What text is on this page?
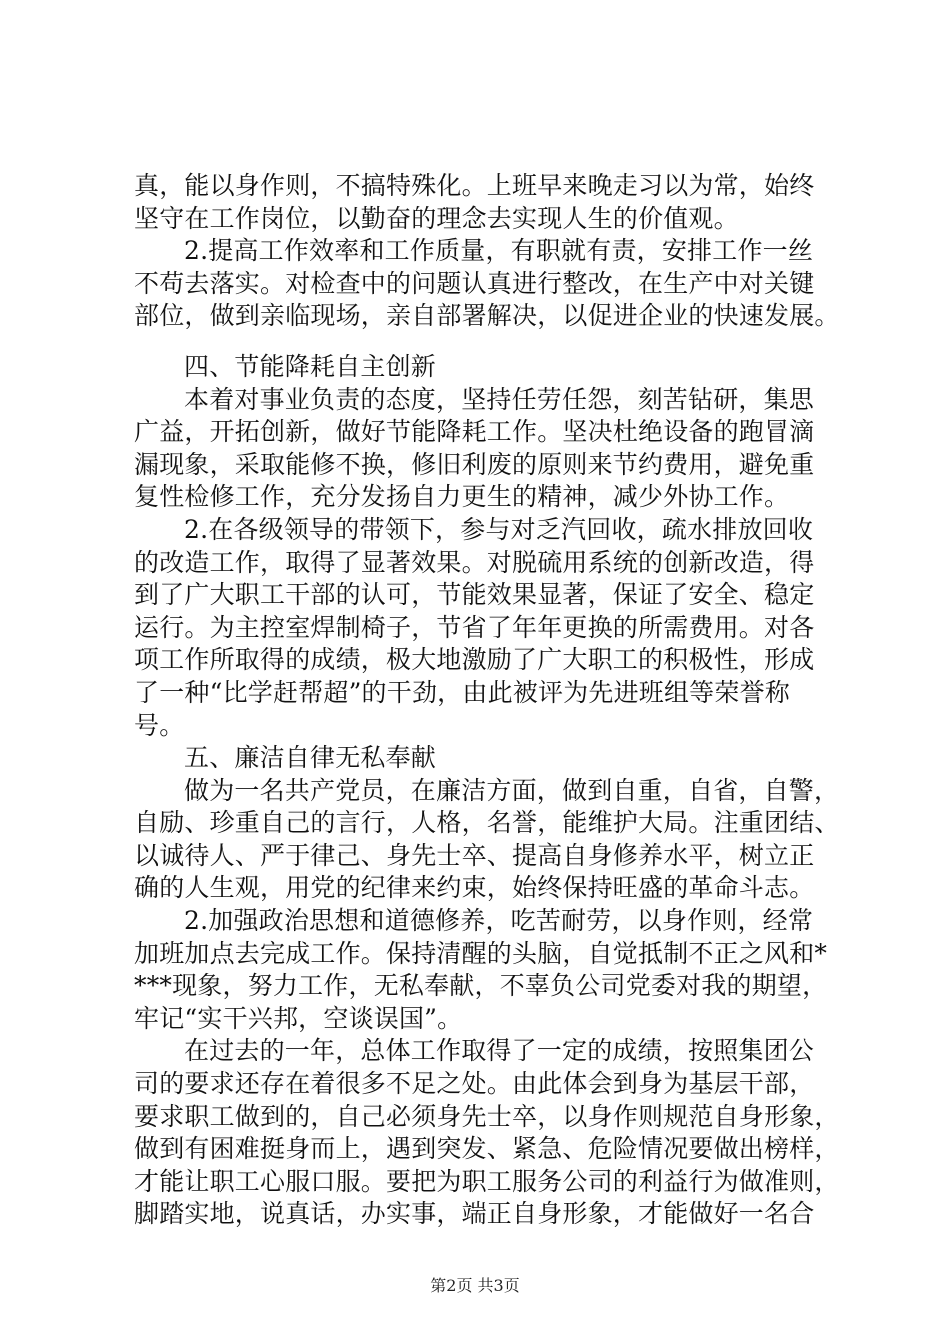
真，能以身作则，不搞特殊化。上班早来晚走习以为常，始终
坚守在工作岗位，以勤奋的理念去实现人生的价值观。
2.提高工作效率和工作质量，有职就有责，安排工作一丝
不苟去落实。对检查中的问题认真进行整改，在生产中对关键
部位，做到亲临现场，亲自部署解决，以促进企业的快速发展。
四、节能降耗自主创新
本着对事业负责的态度，坚持任劳任怨，刻苦钻研，集思
广益，开拓创新，做好节能降耗工作。坚决杜绝设备的跑冒滴
漏现象，采取能修不换，修旧利废的原则来节约费用，避免重
复性检修工作，充分发扬自力更生的精神，减少外协工作。
2.在各级领导的带领下，参与对乏汽回收，疏水排放回收
的改造工作，取得了显著效果。对脱硫用系统的创新改造，得
到了广大职工干部的认可，节能效果显著，保证了安全、稳定
运行。为主控室焊制椅子，节省了年年更换的所需费用。对各
项工作所取得的成绩，极大地激励了广大职工的积极性，形成
了一种“比学赶帮超”的干劲，由此被评为先进班组等荣誉称
号。
五、廉洁自律无私奉献
做为一名共产党员，在廉洁方面，做到自重，自省，自警，
自励、珍重自己的言行，人格，名誉，能维护大局。注重团结、
以诚待人、严于律己、身先士卒、提高自身修养水平，树立正
确的人生观，用党的纪律来约束，始终保持旺盛的革命斗志。
2.加强政治思想和道德修养，吃苦耐劳，以身作则，经常
加班加点去完成工作。保持清醒的头脑，自觉抵制不正之风和*
***现象，努力工作，无私奉献，不辜负公司党委对我的期望，
牢记“实干兴邦，空谈误国”。
在过去的一年，总体工作取得了一定的成绩，按照集团公
司的要求还存在着很多不足之处。由此体会到身为基层干部，
要求职工做到的，自己必须身先士卒，以身作则规范自身形象，
做到有困难挺身而上，遇到突发、紧急、危险情况要做出榜样，
才能让职工心服口服。要把为职工服务公司的利益行为做准则，
脚踏实地，说真话，办实事，端正自身形象，才能做好一名合
第2页 共3页
